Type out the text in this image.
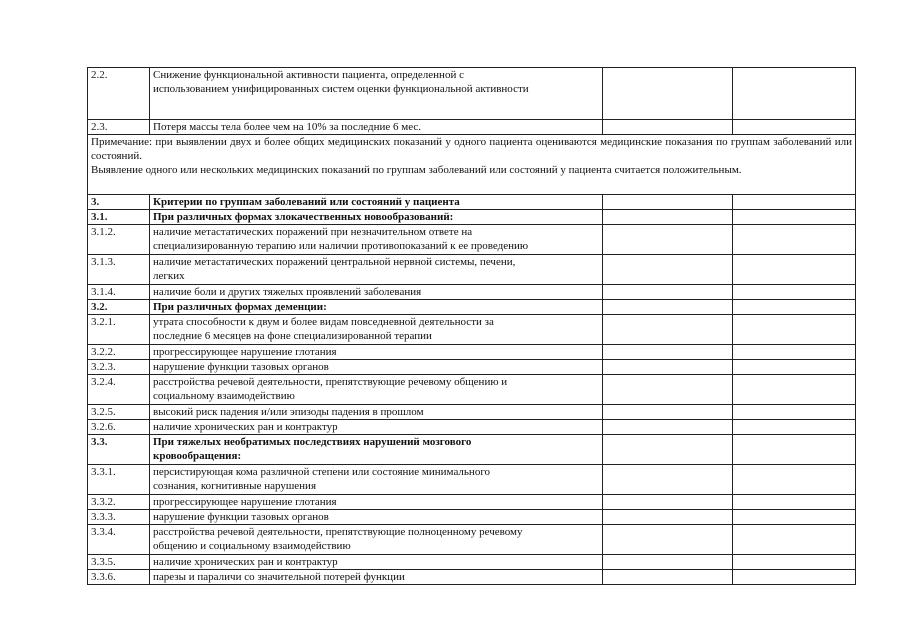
2.2.	Снижение функциональной активности пациента, определенной с
использованием унифицированных систем оценки функциональной активности		

2.3.	Потеря массы тела более чем на 10% за последние 6 мес.		

Примечание: при выявлении двух и более общих медицинских показаний у одного пациента оцениваются медицинские показания по группам заболеваний или состояний.
Выявление одного или нескольких медицинских показаний по группам заболеваний или состояний у пациента считается положительным.			

3.	Критерии по группам заболеваний или состояний у пациента		
3.1.	При различных формах злокачественных новообразований:		
3.1.2.	наличие метастатических поражений при незначительном ответе на
специализированную терапию или наличии противопоказаний к ее проведению		

3.1.3.	наличие метастатических поражений центральной нервной системы, печени,
легких		

3.1.4.	наличие боли и других тяжелых проявлений заболевания		
3.2.	При различных формах деменции:		
3.2.1.	утрата способности к двум и более видам повседневной деятельности за
последние 6 месяцев на фоне специализированной терапии		

3.2.2.	прогрессирующее нарушение глотания		
3.2.3.	нарушение функции тазовых органов		
3.2.4.	расстройства речевой деятельности, препятствующие речевому общению и
социальному взаимодействию		

3.2.5.	высокий риск падения и/или эпизоды падения в прошлом		
3.2.6.	наличие хронических ран и контрактур		
3.3.	При тяжелых необратимых последствиях нарушений мозгового
кровообращения:		

3.3.1.	персистирующая кома различной степени или состояние минимального
сознания, когнитивные нарушения		

3.3.2.	прогрессирующее нарушение глотания		
3.3.3.	нарушение функции тазовых органов		
3.3.4.	расстройства речевой деятельности, препятствующие полноценному речевому
общению и социальному взаимодействию		

3.3.5.	наличие хронических ран и контрактур		
3.3.6.	парезы и параличи со значительной потерей функции		
